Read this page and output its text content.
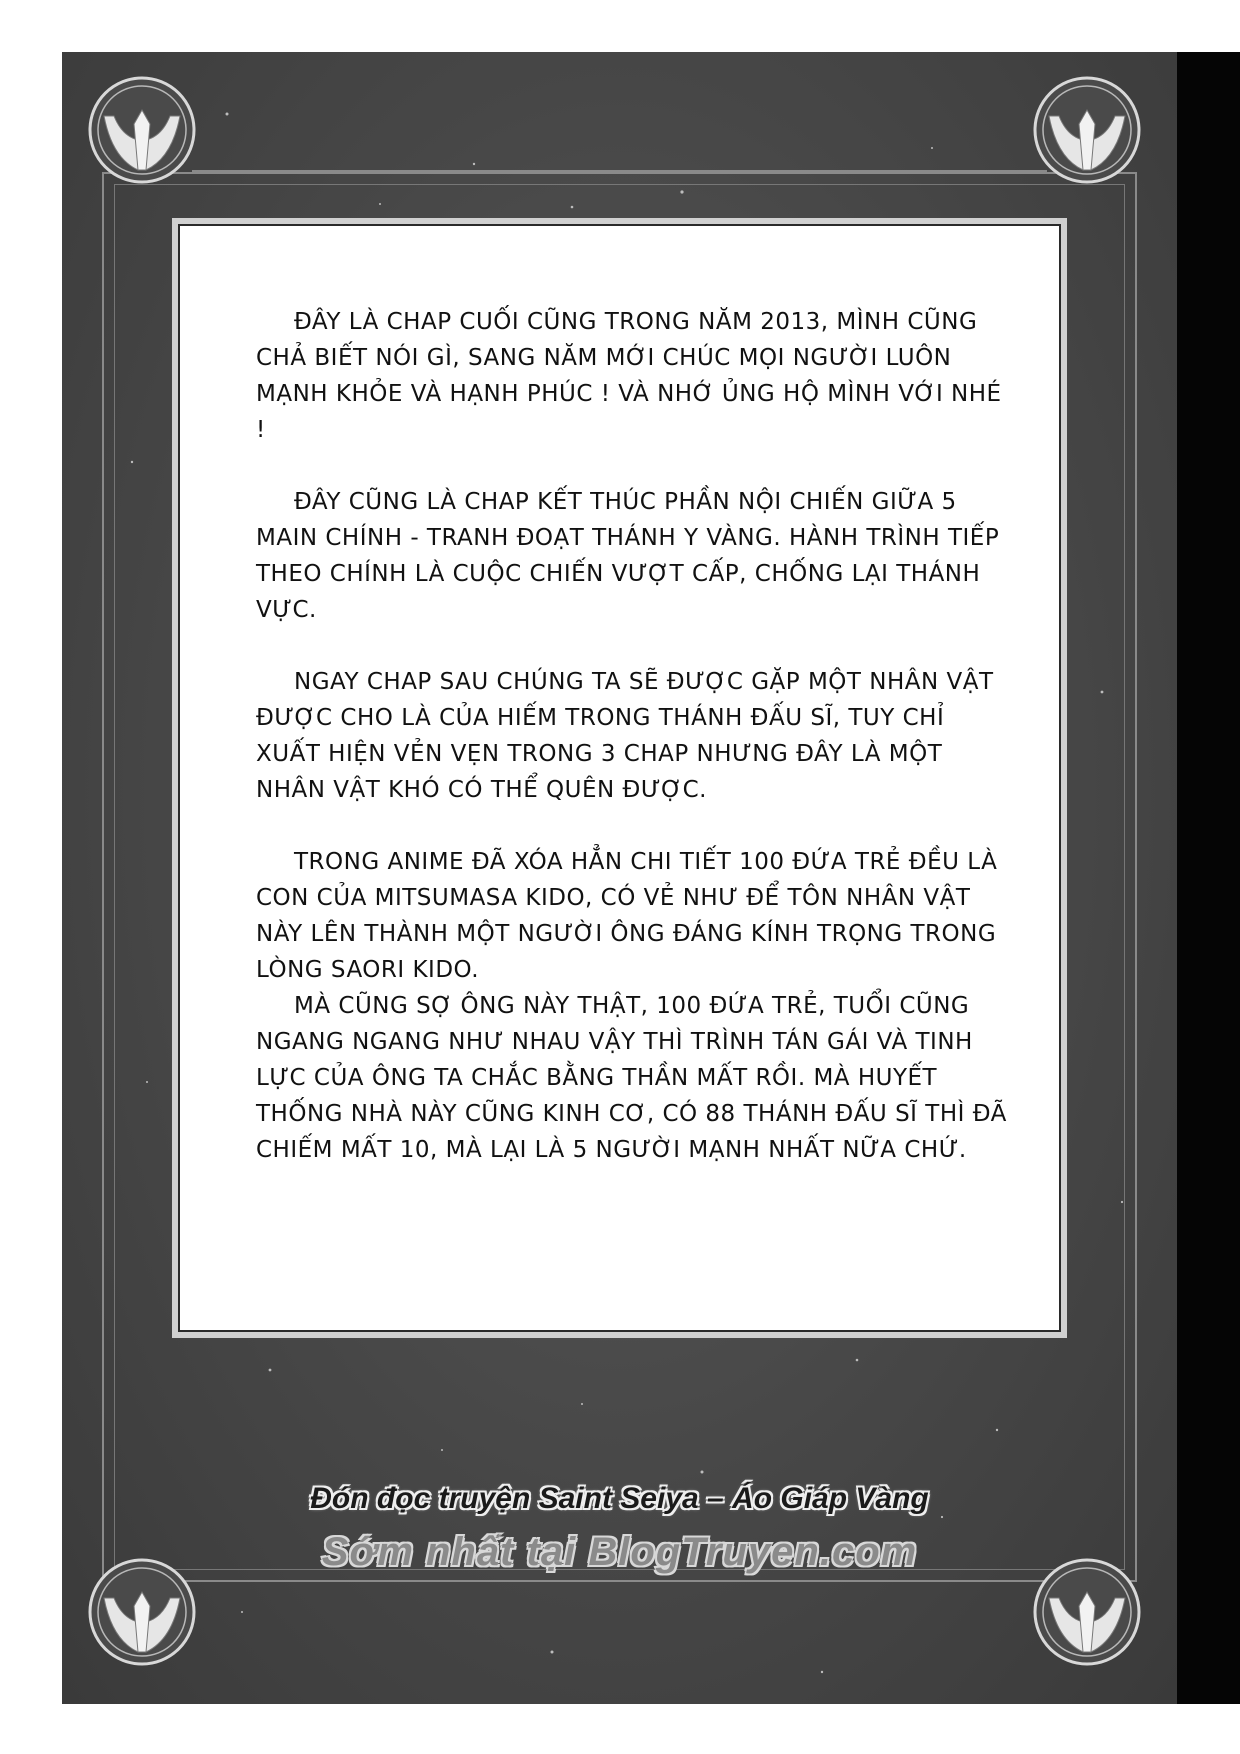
ĐÂY LÀ CHAP CUỐI CŨNG TRONG NĂM 2013, MÌNH CŨNG CHẢ BIẾT NÓI GÌ, SANG NĂM MỚI CHÚC MỌI NGƯỜI LUÔN MẠNH KHỎE VÀ HẠNH PHÚC ! VÀ NHỚ ỦNG HỘ MÌNH VỚI NHÉ !

ĐÂY CŨNG LÀ CHAP KẾT THÚC PHẦN NỘI CHIẾN GIỮA 5 MAIN CHÍNH - TRANH ĐOẠT THÁNH Y VÀNG. HÀNH TRÌNH TIẾP THEO CHÍNH LÀ CUỘC CHIẾN VƯỢT CẤP, CHỐNG LẠI THÁNH VỰC.

NGAY CHAP SAU CHÚNG TA SẼ ĐƯỢC GẶP MỘT NHÂN VẬT ĐƯỢC CHO LÀ CỦA HIẾM TRONG THÁNH ĐẤU SĨ, TUY CHỈ XUẤT HIỆN VẺN VẸN TRONG 3 CHAP NHƯNG ĐÂY LÀ MỘT NHÂN VẬT KHÓ CÓ THỂ QUÊN ĐƯỢC.

TRONG ANIME ĐÃ XÓA HẲN CHI TIẾT 100 ĐỨA TRẺ ĐỀU LÀ CON CỦA MITSUMASA KIDO, CÓ VẺ NHƯ ĐỂ TÔN NHÂN VẬT NÀY LÊN THÀNH MỘT NGƯỜI ÔNG ĐÁNG KÍNH TRỌNG TRONG LÒNG SAORI KIDO.

MÀ CŨNG SỢ ÔNG NÀY THẬT, 100 ĐỨA TRẺ, TUỔI CŨNG NGANG NGANG NHƯ NHAU VẬY THÌ TRÌNH TÁN GÁI VÀ TINH LỰC CỦA ÔNG TA CHẮC BẰNG THẦN MẤT RỒI. MÀ HUYẾT THỐNG NHÀ NÀY CŨNG KINH CƠ, CÓ 88 THÁNH ĐẤU SĨ THÌ ĐÃ CHIẾM MẤT 10, MÀ LẠI LÀ 5 NGƯỜI MẠNH NHẤT NỮA CHỨ.

Đón đọc truyện Saint Seiya – Áo Giáp Vàng
Sớm nhất tại BlogTruyen.com
